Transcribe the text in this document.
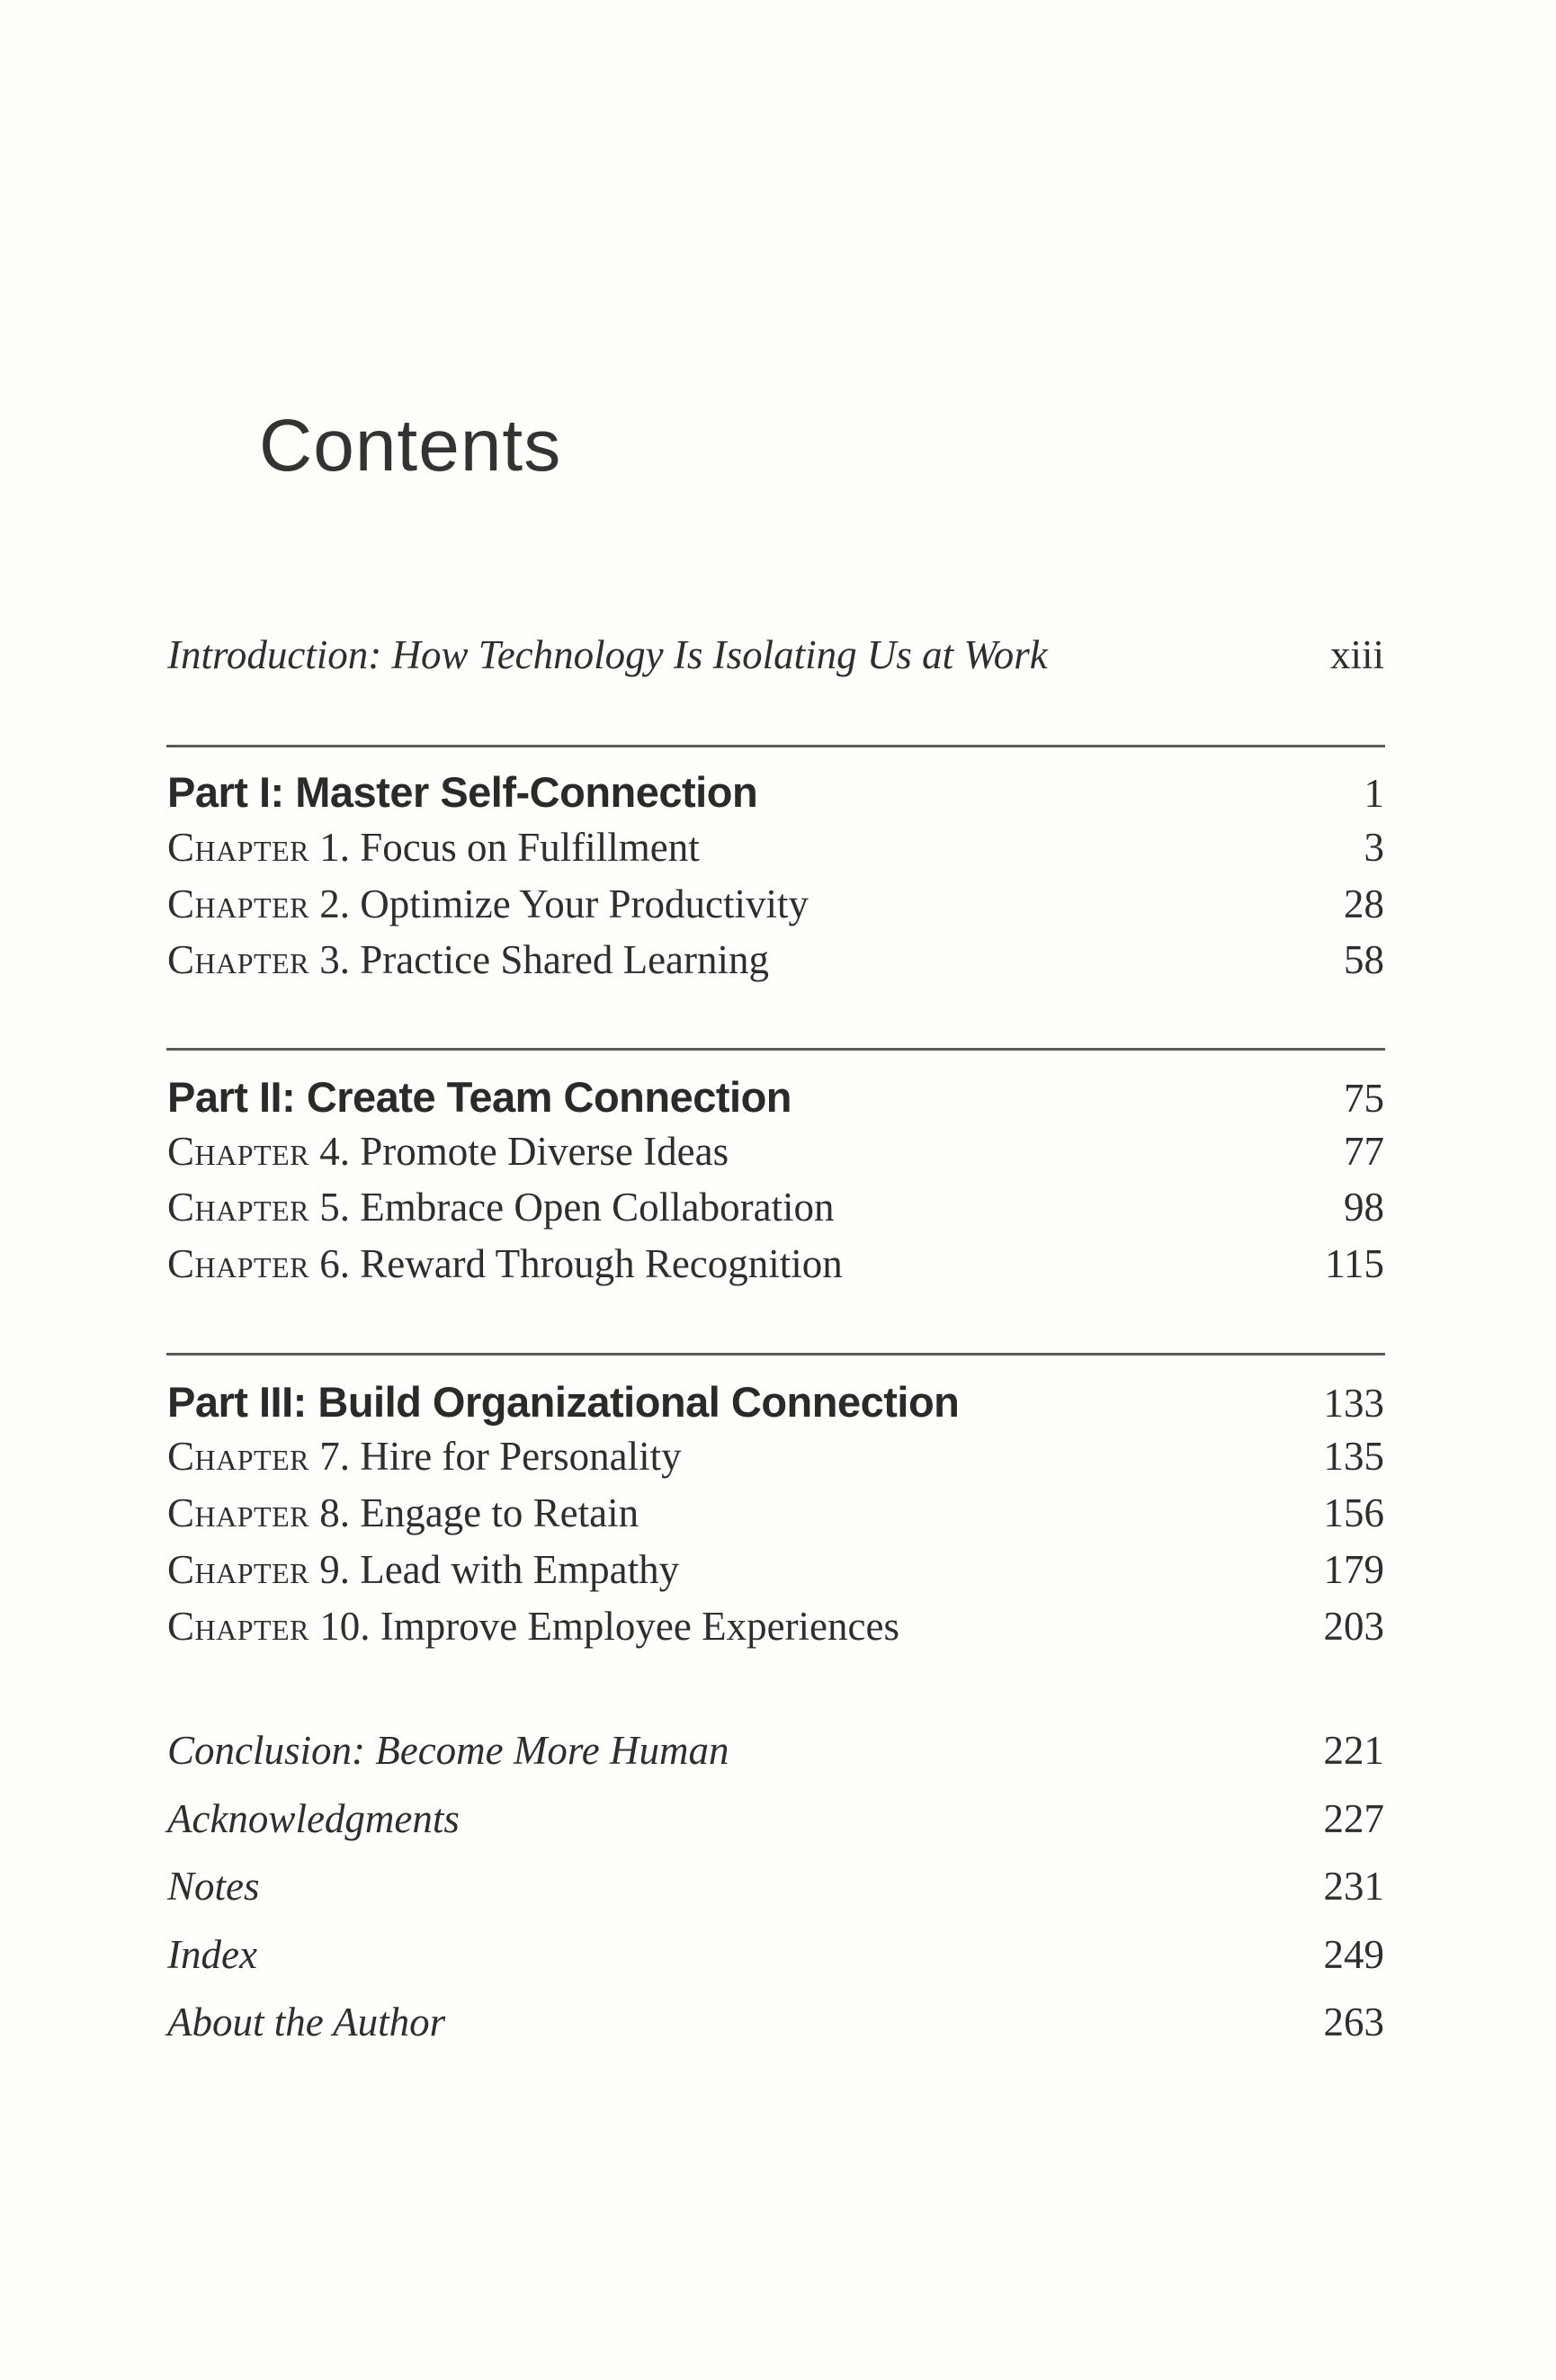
Contents
Introduction: How Technology Is Isolating Us at Work	xiii
Part I: Master Self-Connection	1
Chapter 1. Focus on Fulfillment	3
Chapter 2. Optimize Your Productivity	28
Chapter 3. Practice Shared Learning	58
Part II: Create Team Connection	75
Chapter 4. Promote Diverse Ideas	77
Chapter 5. Embrace Open Collaboration	98
Chapter 6. Reward Through Recognition	115
Part III: Build Organizational Connection	133
Chapter 7. Hire for Personality	135
Chapter 8. Engage to Retain	156
Chapter 9. Lead with Empathy	179
Chapter 10. Improve Employee Experiences	203
Conclusion: Become More Human	221
Acknowledgments	227
Notes	231
Index	249
About the Author	263
